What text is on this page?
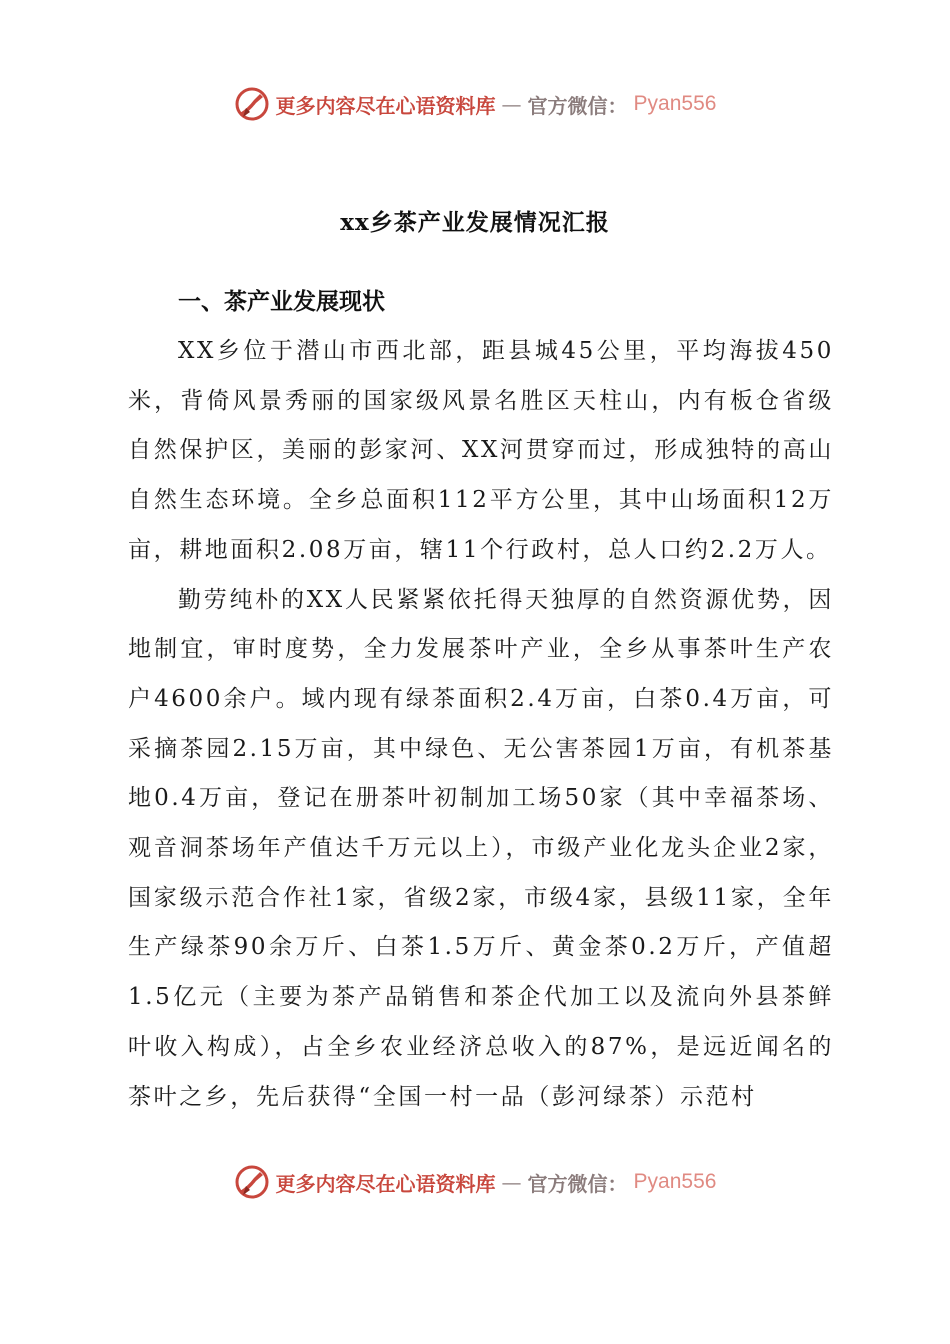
更多内容尽在心语资料库 — 官方微信： Pyan556
xx乡茶产业发展情况汇报
一、茶产业发展现状

XX乡位于潜山市西北部，距县城45公里，平均海拔450米，背倚风景秀丽的国家级风景名胜区天柱山，内有板仓省级自然保护区，美丽的彭家河、XX河贯穿而过，形成独特的高山自然生态环境。全乡总面积112平方公里，其中山场面积12万亩，耕地面积2.08万亩，辖11个行政村，总人口约2.2万人。

勤劳纯朴的XX人民紧紧依托得天独厚的自然资源优势，因地制宜，审时度势，全力发展茶叶产业，全乡从事茶叶生产农户4600余户。域内现有绿茶面积2.4万亩，白茶0.4万亩，可采摘茶园2.15万亩，其中绿色、无公害茶园1万亩，有机茶基地0.4万亩，登记在册茶叶初制加工场50家（其中幸福茶场、观音洞茶场年产值达千万元以上），市级产业化龙头企业2家，国家级示范合作社1家，省级2家，市级4家，县级11家，全年生产绿茶90余万斤、白茶1.5万斤、黄金茶0.2万斤，产值超1.5亿元（主要为茶产品销售和茶企代加工以及流向外县茶鲜叶收入构成），占全乡农业经济总收入的87%，是远近闻名的茶叶之乡，先后获得“全国一村一品（彭河绿茶）示范村

更多内容尽在心语资料库 — 官方微信： Pyan556
